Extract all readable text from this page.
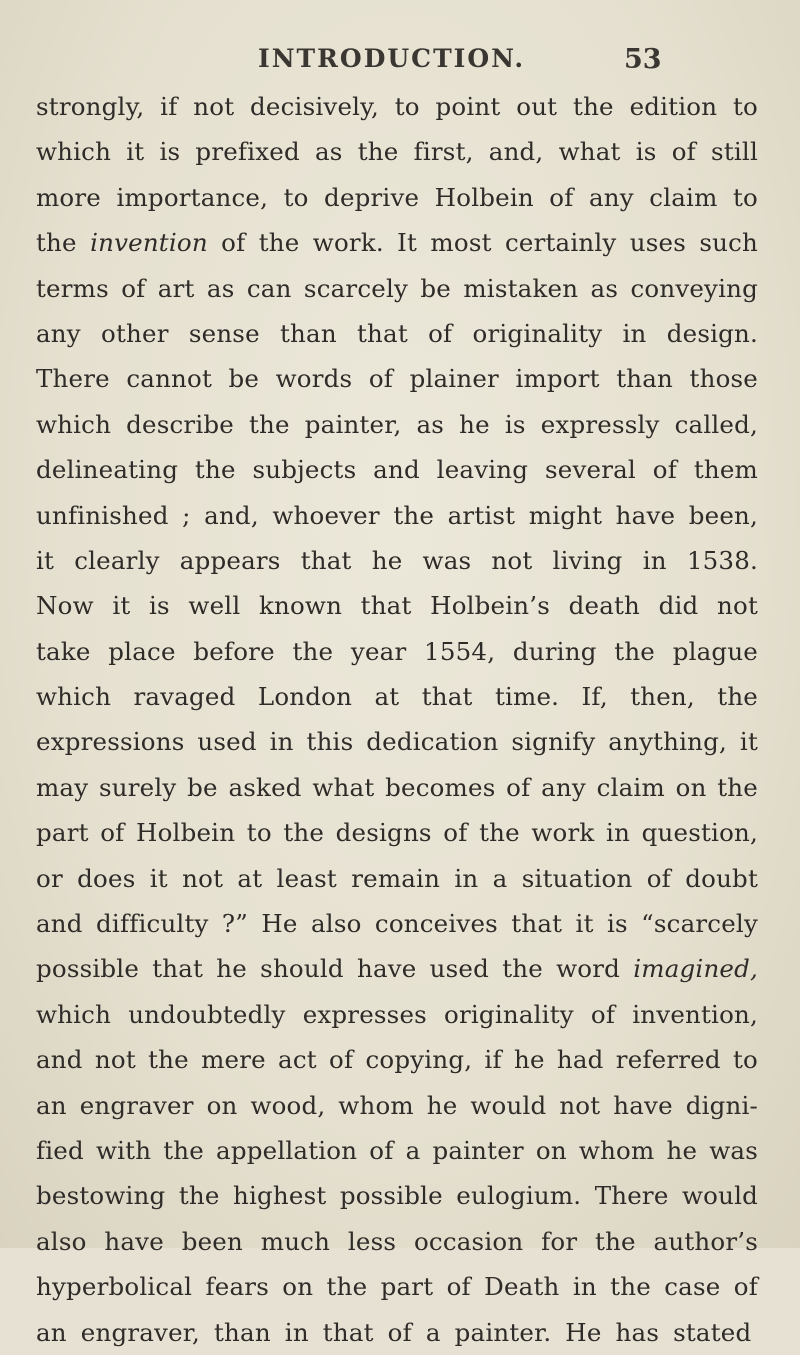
INTRODUCTION.	53
strongly, if not decisively, to point out the edition to
which it is prefixed as the first, and, what is of still
more importance, to deprive Holbein of any claim to
the invention of the work. It most certainly uses such
terms of art as can scarcely be mistaken as conveying
any other sense than that of originality in design.
There cannot be words of plainer import than those
which describe the painter, as he is expressly called,
delineating the subjects and leaving several of them
unfinished ; and, whoever the artist might have been,
it clearly appears that he was not living in 1538.
Now it is well known that Holbein’s death did not
take place before the year 1554, during the plague
which ravaged London at that time. If, then, the
expressions used in this dedication signify anything, it
may surely be asked what becomes of any claim on the
part of Holbein to the designs of the work in question,
or does it not at least remain in a situation of doubt
and difficulty ?” He also conceives that it is “scarcely
possible that he should have used the word imagined,
which undoubtedly expresses originality of invention,
and not the mere act of copying, if he had referred to
an engraver on wood, whom he would not have digni-
fied with the appellation of a painter on whom he was
bestowing the highest possible eulogium. There would
also have been much less occasion for the author’s
hyperbolical fears on the part of Death in the case of
an engraver, than in that of a painter. He has stated
